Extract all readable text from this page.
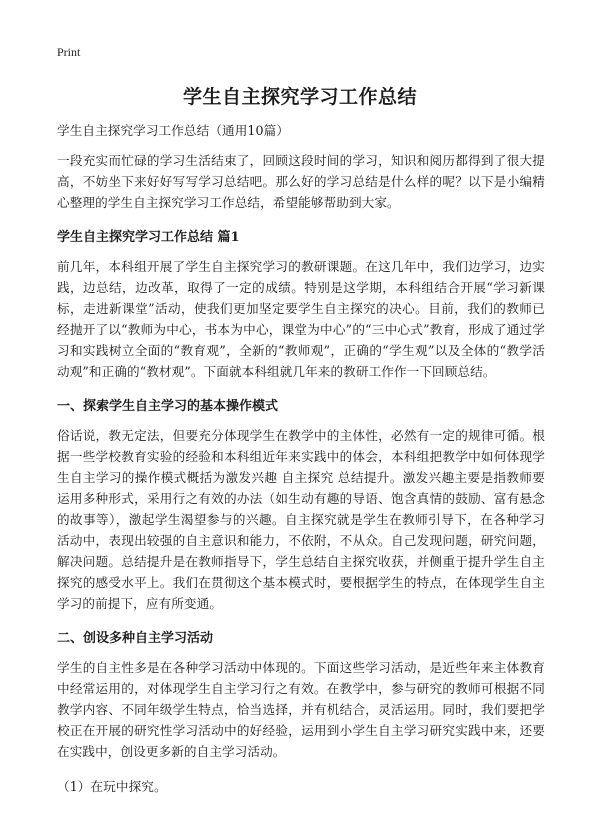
Print
学生自主探究学习工作总结

学生自主探究学习工作总结（通用10篇）

一段充实而忙碌的学习生活结束了，回顾这段时间的学习，知识和阅历都得到了很大提高，不妨坐下来好好写写学习总结吧。那么好的学习总结是什么样的呢？以下是小编精心整理的学生自主探究学习工作总结，希望能够帮助到大家。

学生自主探究学习工作总结 篇1

前几年，本科组开展了学生自主探究学习的教研课题。在这几年中，我们边学习，边实践，边总结，边改革，取得了一定的成绩。特别是这学期，本科组结合开展“学习新课标，走进新课堂”活动，使我们更加坚定要学生自主探究的决心。目前，我们的教师已经抛开了以“教师为中心，书本为中心，课堂为中心”的“三中心式”教育，形成了通过学习和实践树立全面的“教育观”，全新的“教师观”，正确的“学生观”以及全体的“教学活动观”和正确的“教材观”。下面就本科组就几年来的教研工作作一下回顾总结。

一、探索学生自主学习的基本操作模式

俗话说，教无定法，但要充分体现学生在教学中的主体性，必然有一定的规律可循。根据一些学校教育实验的经验和本科组近年来实践中的体会，本科组把教学中如何体现学生自主学习的操作模式概括为激发兴趣 自主探究 总结提升。激发兴趣主要是指教师要运用多种形式，采用行之有效的办法（如生动有趣的导语、饱含真情的鼓励、富有悬念的故事等），激起学生渴望参与的兴趣。自主探究就是学生在教师引导下，在各种学习活动中，表现出较强的自主意识和能力，不依附，不从众。自己发现问题，研究问题，解决问题。总结提升是在教师指导下，学生总结自主探究收获，并侧重于提升学生自主探究的感受水平上。我们在贯彻这个基本模式时，要根据学生的特点，在体现学生自主学习的前提下，应有所变通。

二、创设多种自主学习活动

学生的自主性多是在各种学习活动中体现的。下面这些学习活动，是近些年来主体教育中经常运用的，对体现学生自主学习行之有效。在教学中，参与研究的教师可根据不同教学内容、不同年级学生特点，恰当选择，并有机结合，灵活运用。同时，我们要把学校正在开展的研究性学习活动中的好经验，运用到小学生自主学习研究实践中来，还要在实践中，创设更多新的自主学习活动。

（1）在玩中探究。
